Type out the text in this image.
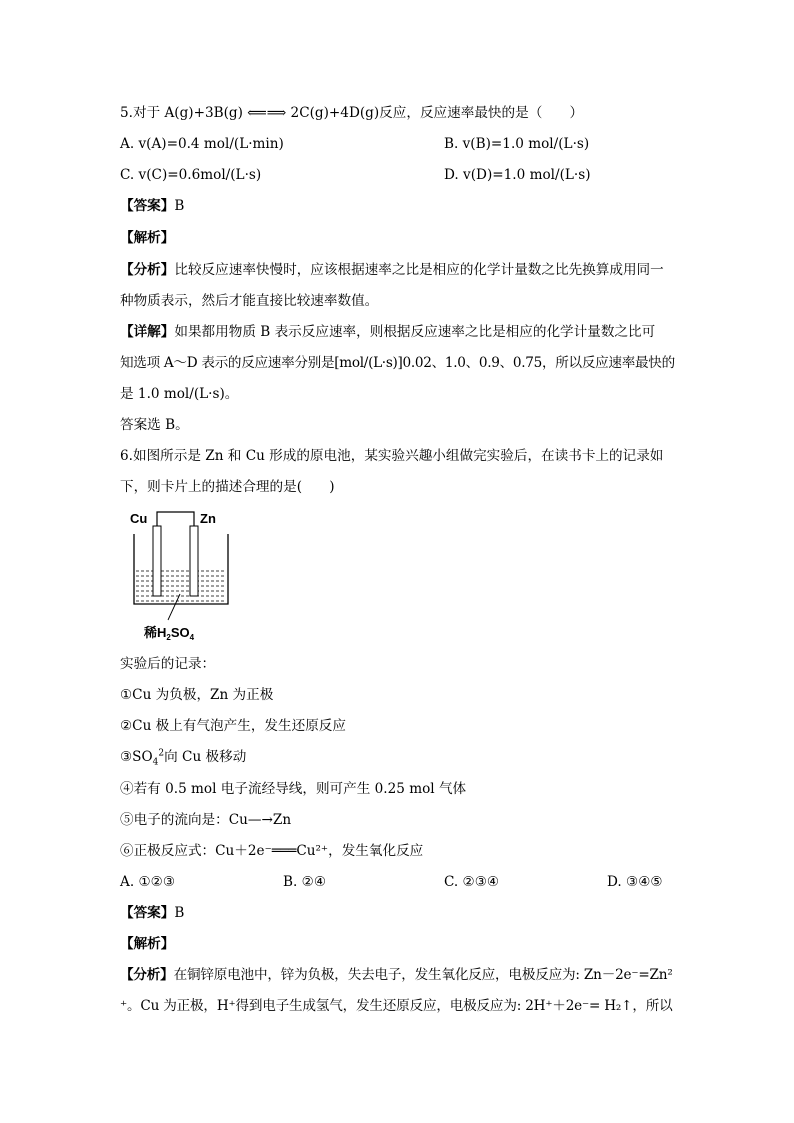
5.对于 A(g)+3B(g) ⟸⟹ 2C(g)+4D(g)反应，反应速率最快的是（　　）
A. v(A)=0.4 mol/(L·min)	B. v(B)=1.0 mol/(L·s)
C. v(C)=0.6mol/(L·s)	D. v(D)=1.0 mol/(L·s)
【答案】B
【解析】
【分析】比较反应速率快慢时，应该根据速率之比是相应的化学计量数之比先换算成用同一
种物质表示，然后才能直接比较速率数值。
【详解】如果都用物质 B 表示反应速率，则根据反应速率之比是相应的化学计量数之比可
知选项 A～D 表示的反应速率分别是[mol/(L·s)]0.02、1.0、0.9、0.75，所以反应速率最快的
是 1.0 mol/(L·s)。
答案选 B。
6.如图所示是 Zn 和 Cu 形成的原电池，某实验兴趣小组做完实验后，在读书卡上的记录如
下，则卡片上的描述合理的是(　　)
Cu	Zn
稀$H_2SO_4$
实验后的记录：
①Cu 为负极，Zn 为正极
②Cu 极上有气泡产生，发生还原反应
$③SO_4^2$向 Cu 极移动
④若有 0.5 mol 电子流经导线，则可产生 0.25 mol 气体
⑤电子的流向是：Cu—→Zn
⑥正极反应式：Cu＋2e⁻═══Cu²⁺，发生氧化反应
A. ①②③	B. ②④	C. ②③④	D. ③④⑤
【答案】B
【解析】
【分析】在铜锌原电池中，锌为负极，失去电子，发生氧化反应，电极反应为: Zn－2e⁻=Zn²
⁺。Cu 为正极，H⁺得到电子生成氢气，发生还原反应，电极反应为: 2H⁺＋2e⁻= H₂↑，所以
